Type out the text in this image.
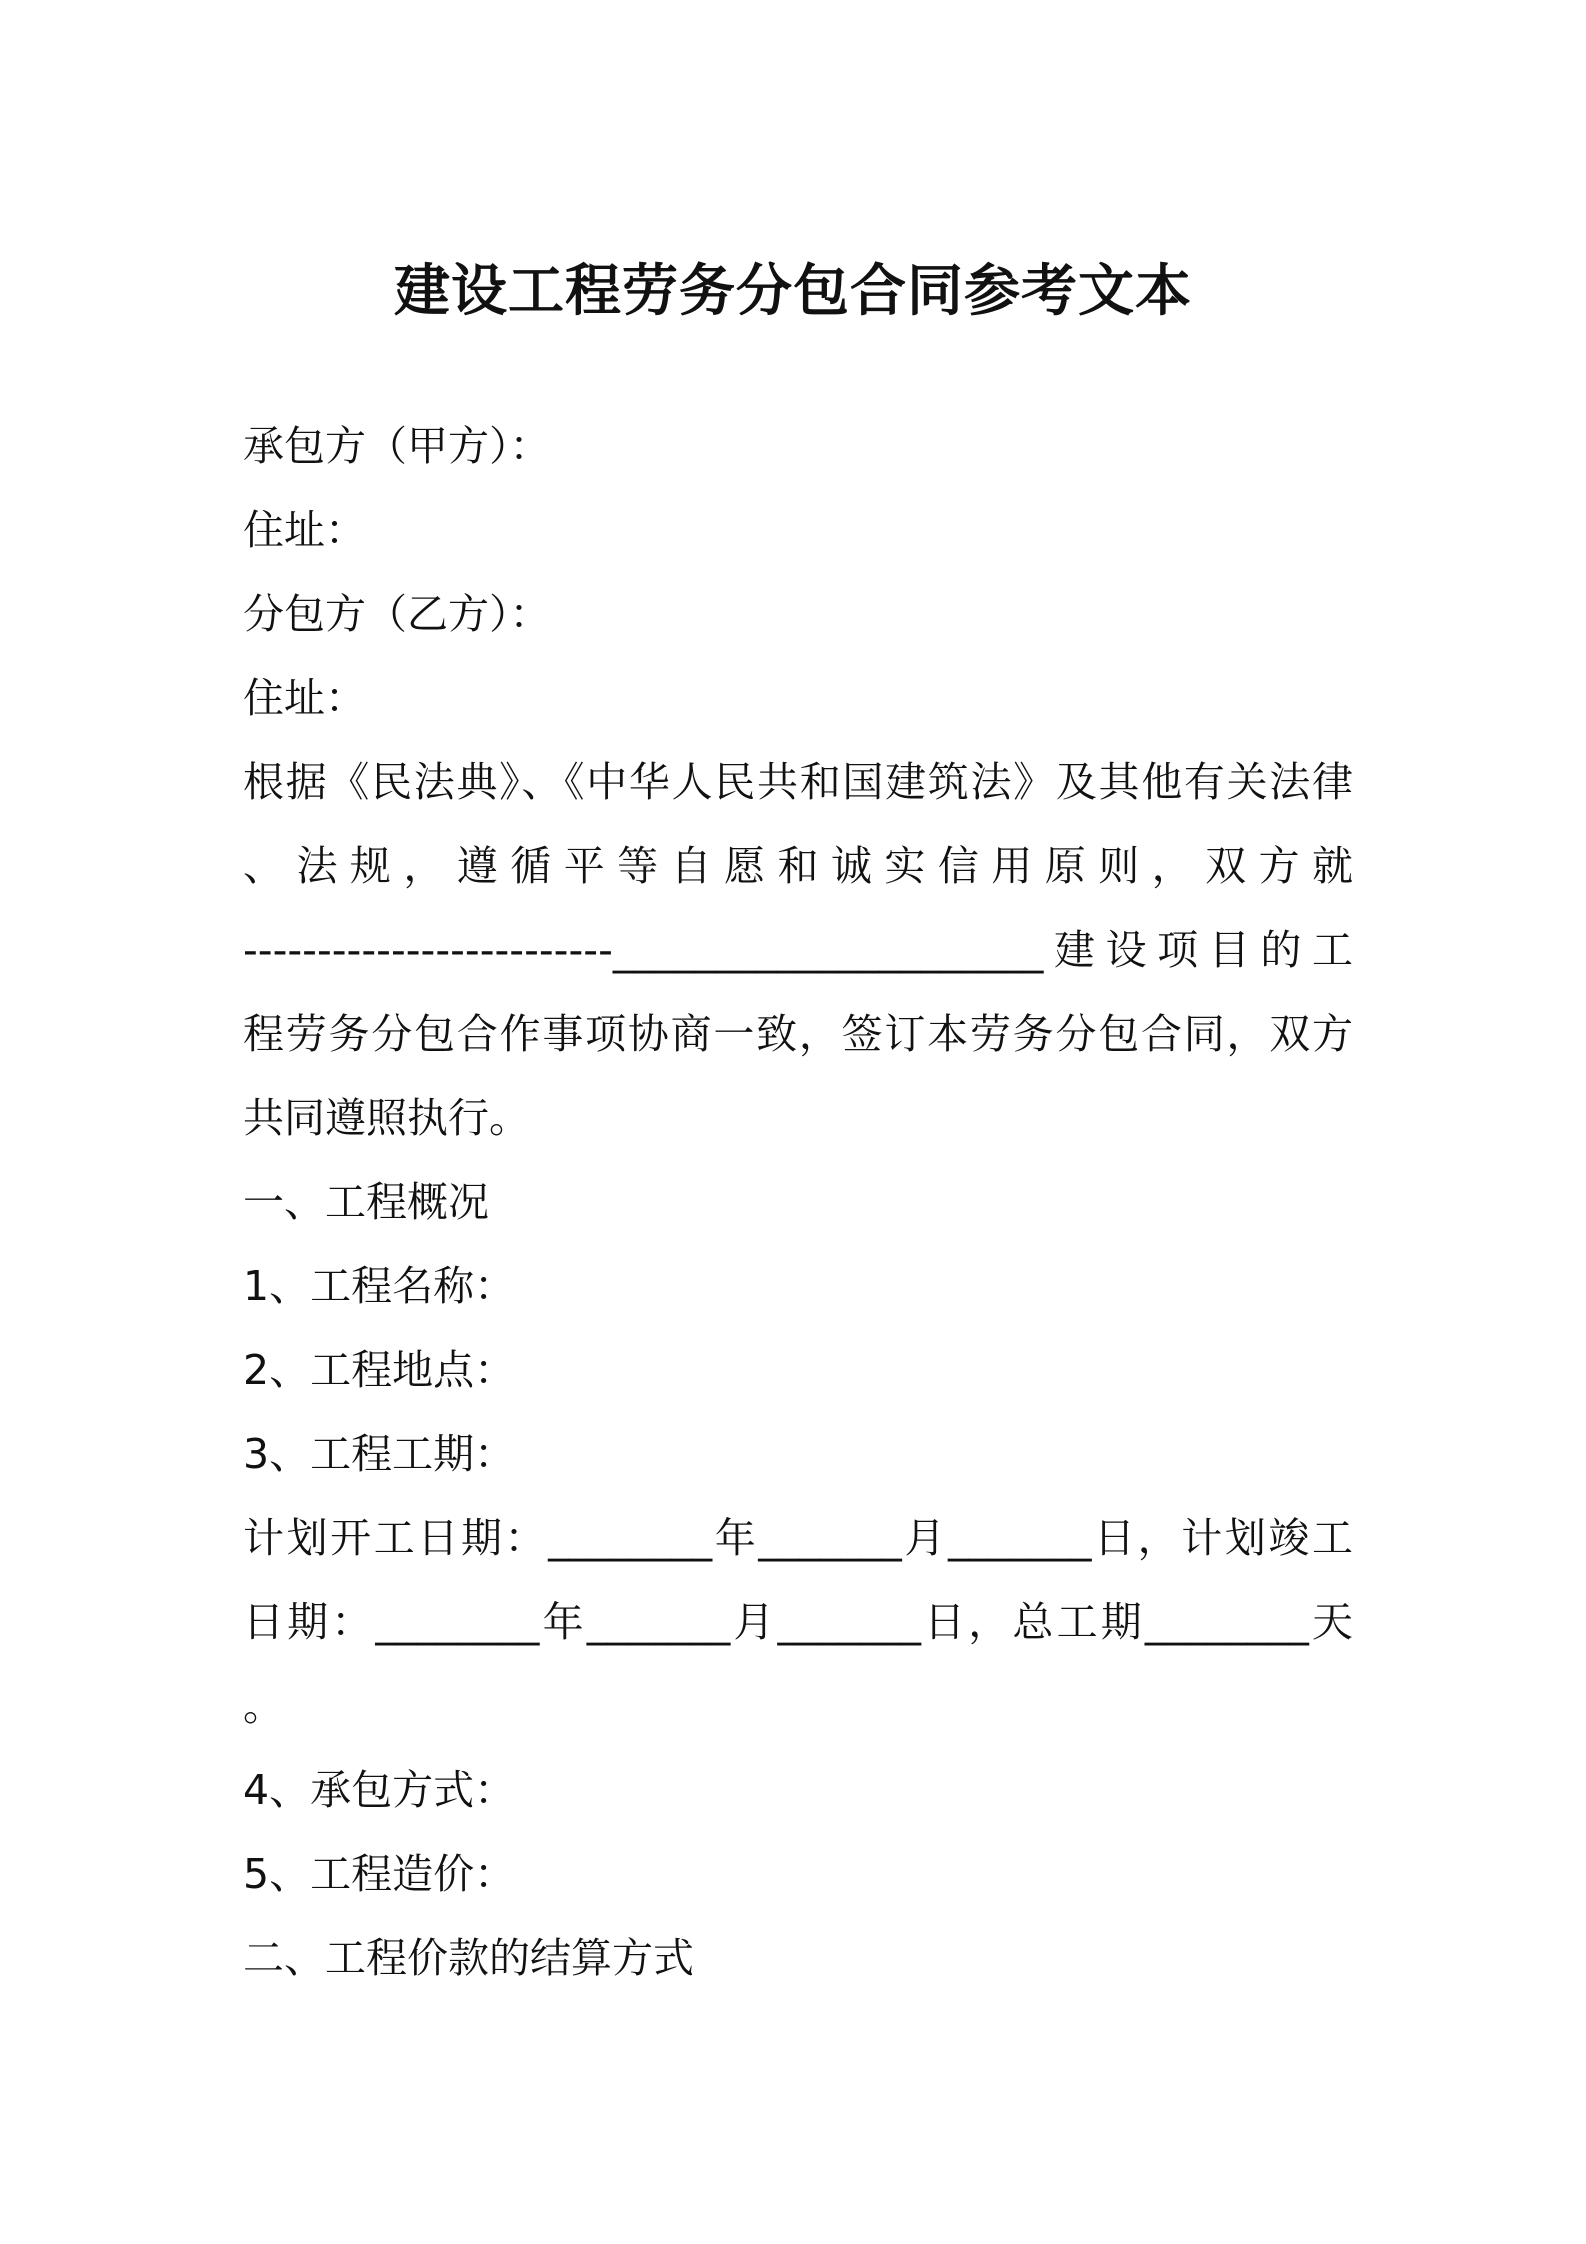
建设工程劳务分包合同参考文本
承包方（甲方）：
住址：
分包方（乙方）：
住址：
根据《民法典》、《中华人民共和国建筑法》及其他有关法律
、法规，遵循平等自愿和诚实信用原则，双方就
-------------------------_____________________建设项目的工
程劳务分包合作事项协商一致，签订本劳务分包合同，双方
共同遵照执行。
一、工程概况
1、工程名称：
2、工程地点：
3、工程工期：
计划开工日期：________年_______月_______日，计划竣工
日期：________年_______月_______日，总工期________天
。
4、承包方式：
5、工程造价：
二、工程价款的结算方式
